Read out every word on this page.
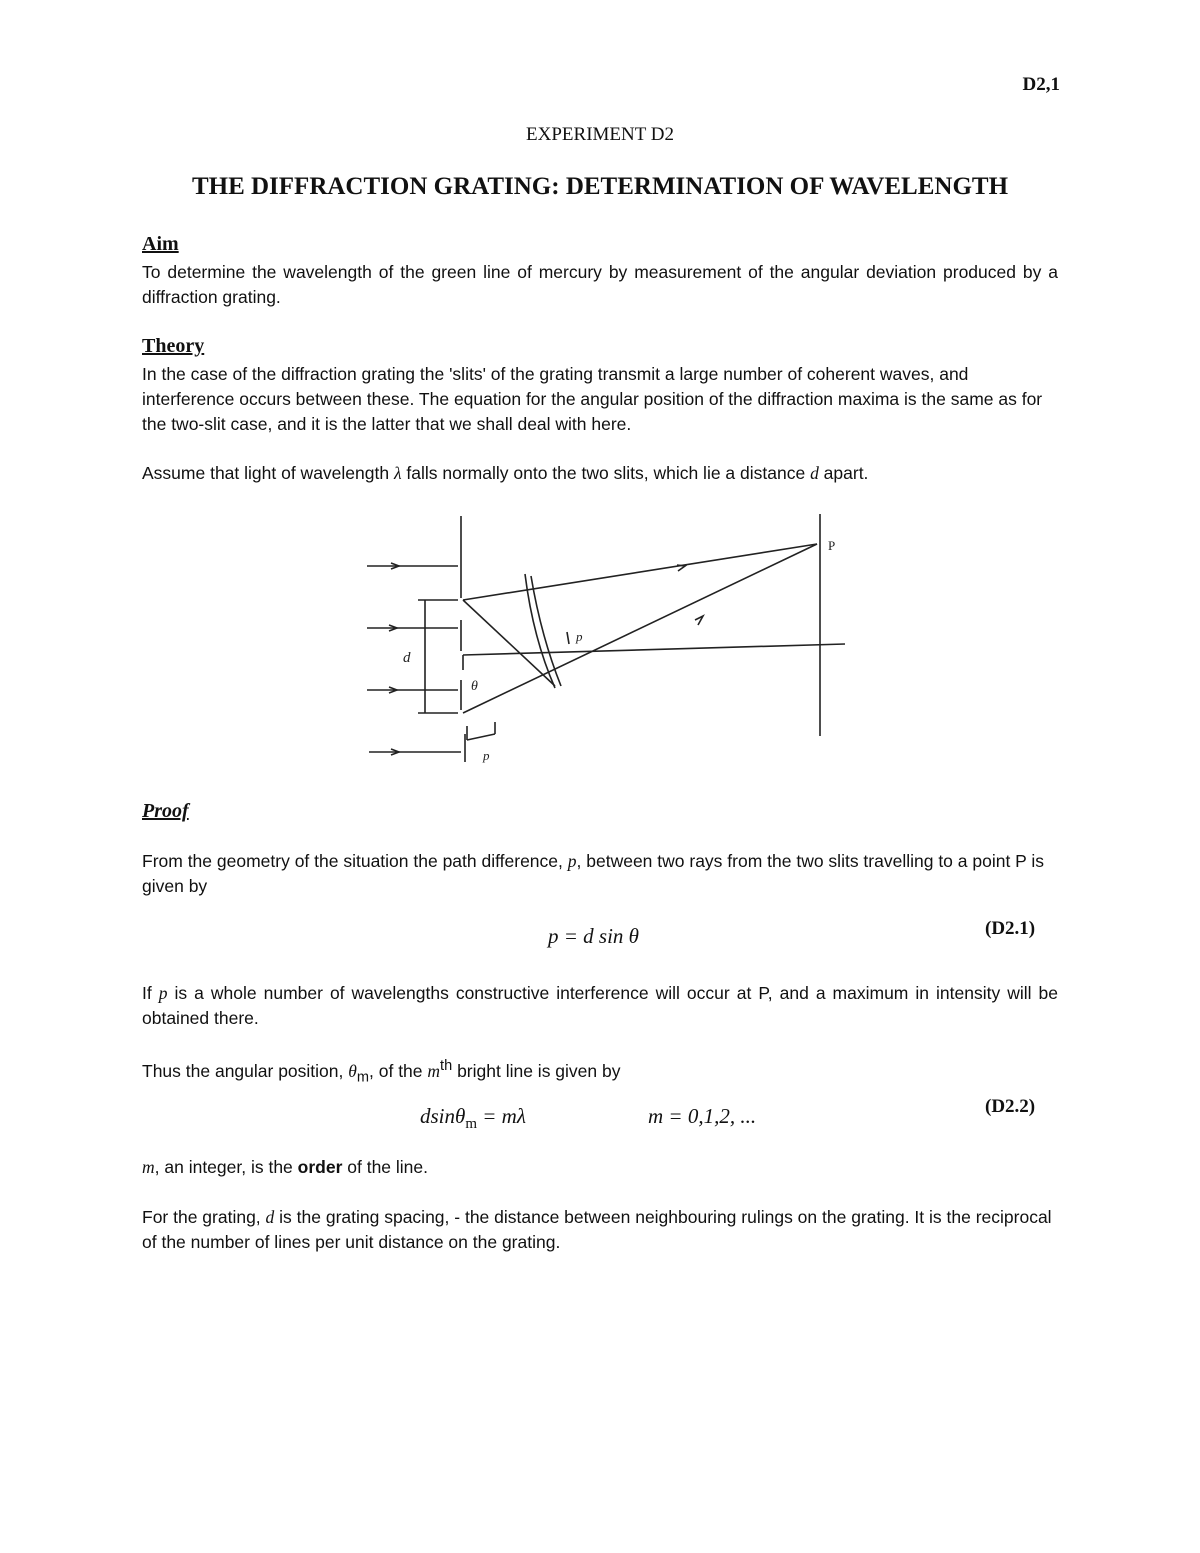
D2,1
EXPERIMENT D2
THE DIFFRACTION GRATING: DETERMINATION OF WAVELENGTH
Aim
To determine the wavelength of the green line of mercury by measurement of the angular deviation produced by a diffraction grating.
Theory
In the case of the diffraction grating the 'slits' of the grating transmit a large number of coherent waves, and interference occurs between these. The equation for the angular position of the diffraction maxima is the same as for the two-slit case, and it is the latter that we shall deal with here.
Assume that light of wavelength λ falls normally onto the two slits, which lie a distance d apart.
P
d
θ
p
p
Proof
From the geometry of the situation the path difference, p, between two rays from the two slits travelling to a point P is given by
p = d sin θ	(D2.1)
If p is a whole number of wavelengths constructive interference will occur at P, and a maximum in intensity will be obtained there.
Thus the angular position, $\theta_m$, of the $m^{th}$ bright line is given by
dsinθ$_m$ = mλ	m = 0,1,2, ...	(D2.2)
m, an integer, is the order of the line.
For the grating, d is the grating spacing, - the distance between neighbouring rulings on the grating. It is the reciprocal of the number of lines per unit distance on the grating.
